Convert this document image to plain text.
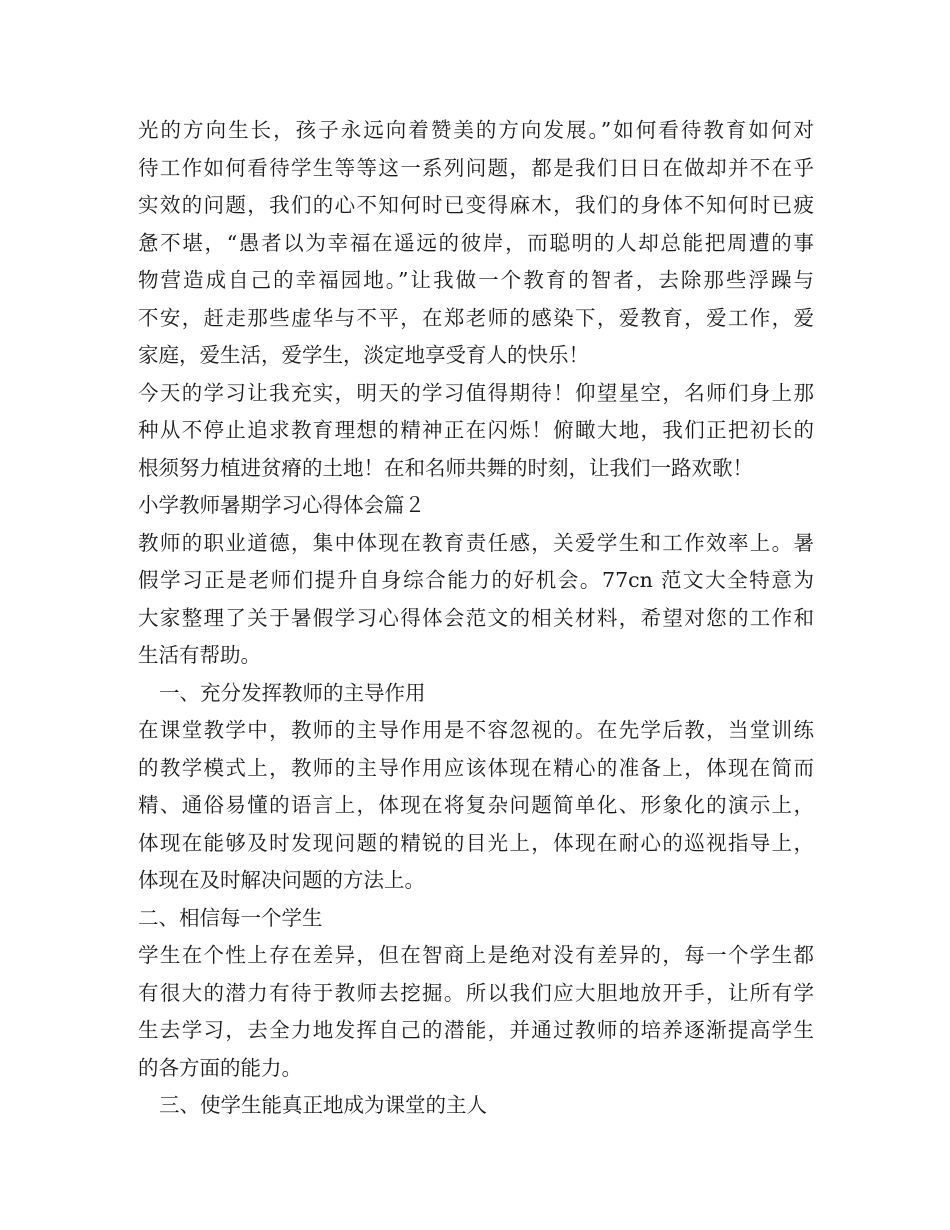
光的方向生长，孩子永远向着赞美的方向发展。”如何看待教育如何对
待工作如何看待学生等等这一系列问题，都是我们日日在做却并不在乎
实效的问题，我们的心不知何时已变得麻木，我们的身体不知何时已疲
惫不堪，“愚者以为幸福在遥远的彼岸，而聪明的人却总能把周遭的事
物营造成自己的幸福园地。”让我做一个教育的智者，去除那些浮躁与
不安，赶走那些虚华与不平，在郑老师的感染下，爱教育，爱工作，爱
家庭，爱生活，爱学生，淡定地享受育人的快乐！
今天的学习让我充实，明天的学习值得期待！仰望星空，名师们身上那
种从不停止追求教育理想的精神正在闪烁！俯瞰大地，我们正把初长的
根须努力植进贫瘠的土地！在和名师共舞的时刻，让我们一路欢歌！
小学教师暑期学习心得体会篇２
教师的职业道德，集中体现在教育责任感，关爱学生和工作效率上。暑
假学习正是老师们提升自身综合能力的好机会。77cn 范文大全特意为
大家整理了关于暑假学习心得体会范文的相关材料，希望对您的工作和
生活有帮助。
一、充分发挥教师的主导作用
在课堂教学中，教师的主导作用是不容忽视的。在先学后教，当堂训练
的教学模式上，教师的主导作用应该体现在精心的准备上，体现在简而
精、通俗易懂的语言上，体现在将复杂问题简单化、形象化的演示上，
体现在能够及时发现问题的精锐的目光上，体现在耐心的巡视指导上，
体现在及时解决问题的方法上。
二、相信每一个学生
学生在个性上存在差异，但在智商上是绝对没有差异的，每一个学生都
有很大的潜力有待于教师去挖掘。所以我们应大胆地放开手，让所有学
生去学习，去全力地发挥自己的潜能，并通过教师的培养逐渐提高学生
的各方面的能力。
三、使学生能真正地成为课堂的主人
